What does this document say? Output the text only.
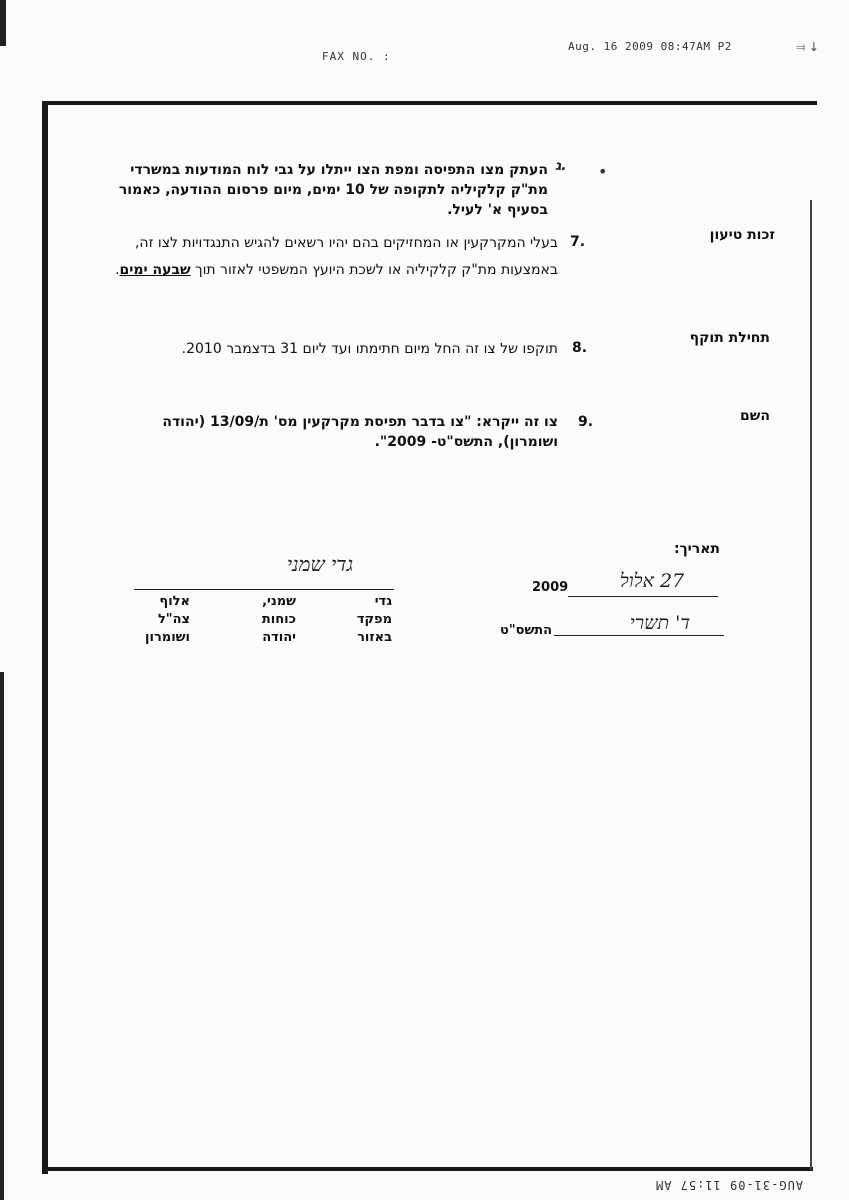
FAX NO. :
Aug. 16 2009 08:47AM P2	⫤ ↓
ג. •
העתק מצו התפיסה ומפת הצו ייתלו על גבי לוח המודעות במשרדי מת"ק קלקיליה לתקופה של 10 ימים, מיום פרסום ההודעה, כאמור בסעיף א' לעיל.
זכות טיעון
7.
בעלי המקרקעין או המחזיקים בהם יהיו רשאים להגיש התנגדויות לצו זה, באמצעות מת"ק קלקיליה או לשכת היועץ המשפטי לאזור תוך שבעה ימים.
תחילת תוקף
8.
תוקפו של צו זה החל מיום חתימתו ועד ליום 31 בדצמבר 2010.
השם
9.
צו זה ייקרא: "צו בדבר תפיסת מקרקעין מס' ת/13/09 (יהודה ושומרון), התשס"ט- 2009".
תאריך:
2009	27 אלול
התשס"ט	ד' תשרי
גדי שמני
גדי
שמני,
אלוף
מפקד
כוחות
צה"ל
באזור
יהודה
ושומרון
AUG-31-09 11:57 AM
